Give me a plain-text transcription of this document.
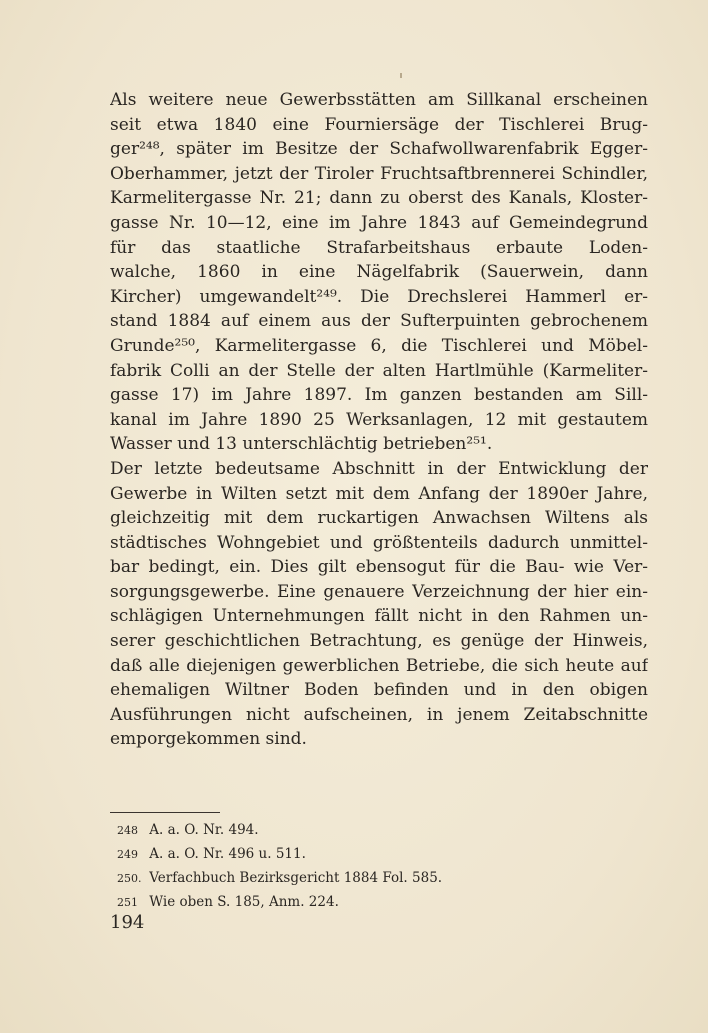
Als weitere neue Gewerbsstätten am Sillkanal erscheinen
seit etwa 1840 eine Fourniersäge der Tischlerei Brug-
ger²⁴⁸, später im Besitze der Schafwollwarenfabrik Egger-
Oberhammer, jetzt der Tiroler Fruchtsaftbrennerei Schindler,
Karmelitergasse Nr. 21; dann zu oberst des Kanals, Kloster-
gasse Nr. 10—12, eine im Jahre 1843 auf Gemeindegrund
für das staatliche Strafarbeitshaus erbaute Loden-
walche, 1860 in eine Nägelfabrik (Sauerwein, dann
Kircher) umgewandelt²⁴⁹. Die Drechslerei Hammerl er-
stand 1884 auf einem aus der Sufterpuinten gebrochenem
Grunde²⁵⁰, Karmelitergasse 6, die Tischlerei und Möbel-
fabrik Colli an der Stelle der alten Hartlmühle (Karmeliter-
gasse 17) im Jahre 1897. Im ganzen bestanden am Sill-
kanal im Jahre 1890 25 Werksanlagen, 12 mit gestautem
Wasser und 13 unterschlächtig betrieben²⁵¹.
Der letzte bedeutsame Abschnitt in der Entwicklung der
Gewerbe in Wilten setzt mit dem Anfang der 1890er Jahre,
gleichzeitig mit dem ruckartigen Anwachsen Wiltens als
städtisches Wohngebiet und größtenteils dadurch unmittel-
bar bedingt, ein. Dies gilt ebensogut für die Bau- wie Ver-
sorgungsgewerbe. Eine genauere Verzeichnung der hier ein-
schlägigen Unternehmungen fällt nicht in den Rahmen un-
serer geschichtlichen Betrachtung, es genüge der Hinweis,
daß alle diejenigen gewerblichen Betriebe, die sich heute auf
ehemaligen Wiltner Boden befinden und in den obigen
Ausführungen nicht aufscheinen, in jenem Zeitabschnitte
emporgekommen sind.
248 A. a. O. Nr. 494.
249 A. a. O. Nr. 496 u. 511.
250. Verfachbuch Bezirksgericht 1884 Fol. 585.
251 Wie oben S. 185, Anm. 224.
194
